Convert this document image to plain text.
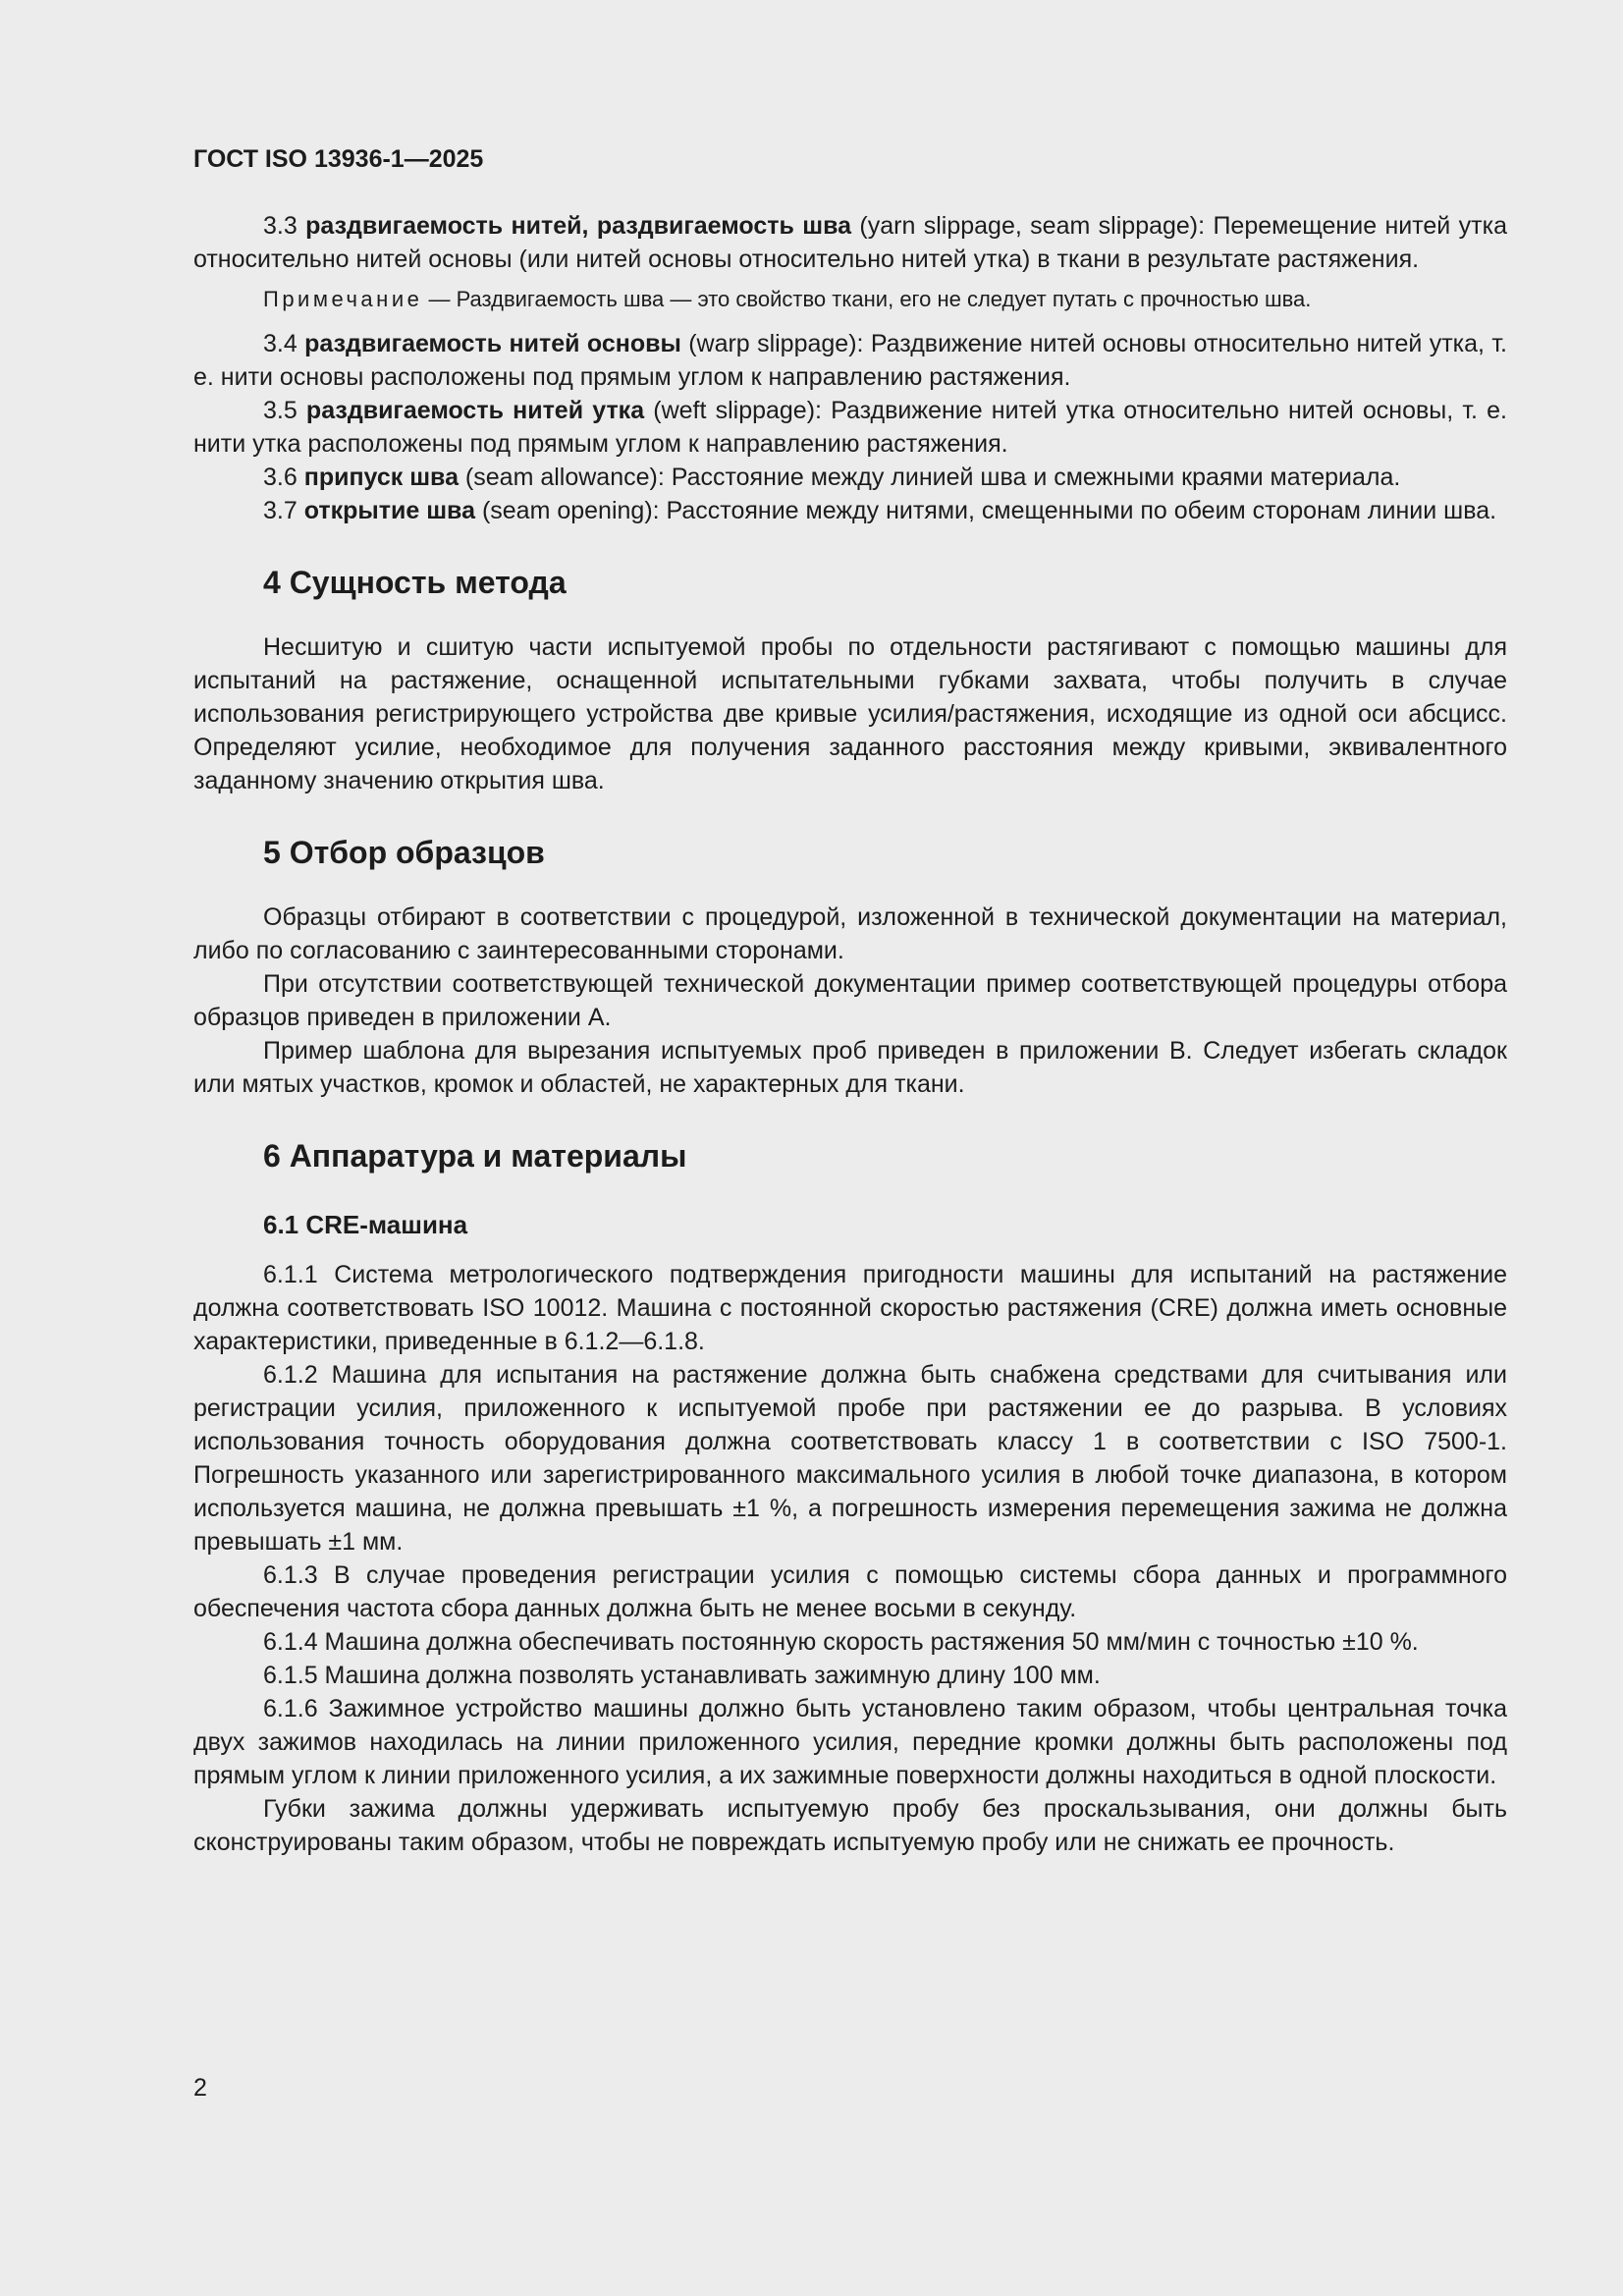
ГОСТ ISO 13936-1—2025

3.3 раздвигаемость нитей, раздвигаемость шва (yarn slippage, seam slippage): Перемещение нитей утка относительно нитей основы (или нитей основы относительно нитей утка) в ткани в результате растяжения.

Примечание — Раздвигаемость шва — это свойство ткани, его не следует путать с прочностью шва.

3.4 раздвигаемость нитей основы (warp slippage): Раздвижение нитей основы относительно нитей утка, т. е. нити основы расположены под прямым углом к направлению растяжения.

3.5 раздвигаемость нитей утка (weft slippage): Раздвижение нитей утка относительно нитей основы, т. е. нити утка расположены под прямым углом к направлению растяжения.

3.6 припуск шва (seam allowance): Расстояние между линией шва и смежными краями материала.

3.7 открытие шва (seam opening): Расстояние между нитями, смещенными по обеим сторонам линии шва.

4 Сущность метода

Несшитую и сшитую части испытуемой пробы по отдельности растягивают с помощью машины для испытаний на растяжение, оснащенной испытательными губками захвата, чтобы получить в случае использования регистрирующего устройства две кривые усилия/растяжения, исходящие из одной оси абсцисс. Определяют усилие, необходимое для получения заданного расстояния между кривыми, эквивалентного заданному значению открытия шва.

5 Отбор образцов

Образцы отбирают в соответствии с процедурой, изложенной в технической документации на материал, либо по согласованию с заинтересованными сторонами.

При отсутствии соответствующей технической документации пример соответствующей процедуры отбора образцов приведен в приложении А.

Пример шаблона для вырезания испытуемых проб приведен в приложении В. Следует избегать складок или мятых участков, кромок и областей, не характерных для ткани.

6 Аппаратура и материалы
6.1 CRE-машина

6.1.1 Система метрологического подтверждения пригодности машины для испытаний на растяжение должна соответствовать ISO 10012. Машина с постоянной скоростью растяжения (CRE) должна иметь основные характеристики, приведенные в 6.1.2—6.1.8.

6.1.2 Машина для испытания на растяжение должна быть снабжена средствами для считывания или регистрации усилия, приложенного к испытуемой пробе при растяжении ее до разрыва. В условиях использования точность оборудования должна соответствовать классу 1 в соответствии с ISO 7500-1. Погрешность указанного или зарегистрированного максимального усилия в любой точке диапазона, в котором используется машина, не должна превышать ±1 %, а погрешность измерения перемещения зажима не должна превышать ±1 мм.

6.1.3 В случае проведения регистрации усилия с помощью системы сбора данных и программного обеспечения частота сбора данных должна быть не менее восьми в секунду.

6.1.4 Машина должна обеспечивать постоянную скорость растяжения 50 мм/мин с точностью ±10 %.

6.1.5 Машина должна позволять устанавливать зажимную длину 100 мм.

6.1.6 Зажимное устройство машины должно быть установлено таким образом, чтобы центральная точка двух зажимов находилась на линии приложенного усилия, передние кромки должны быть расположены под прямым углом к линии приложенного усилия, а их зажимные поверхности должны находиться в одной плоскости.

Губки зажима должны удерживать испытуемую пробу без проскальзывания, они должны быть сконструированы таким образом, чтобы не повреждать испытуемую пробу или не снижать ее прочность.

2
